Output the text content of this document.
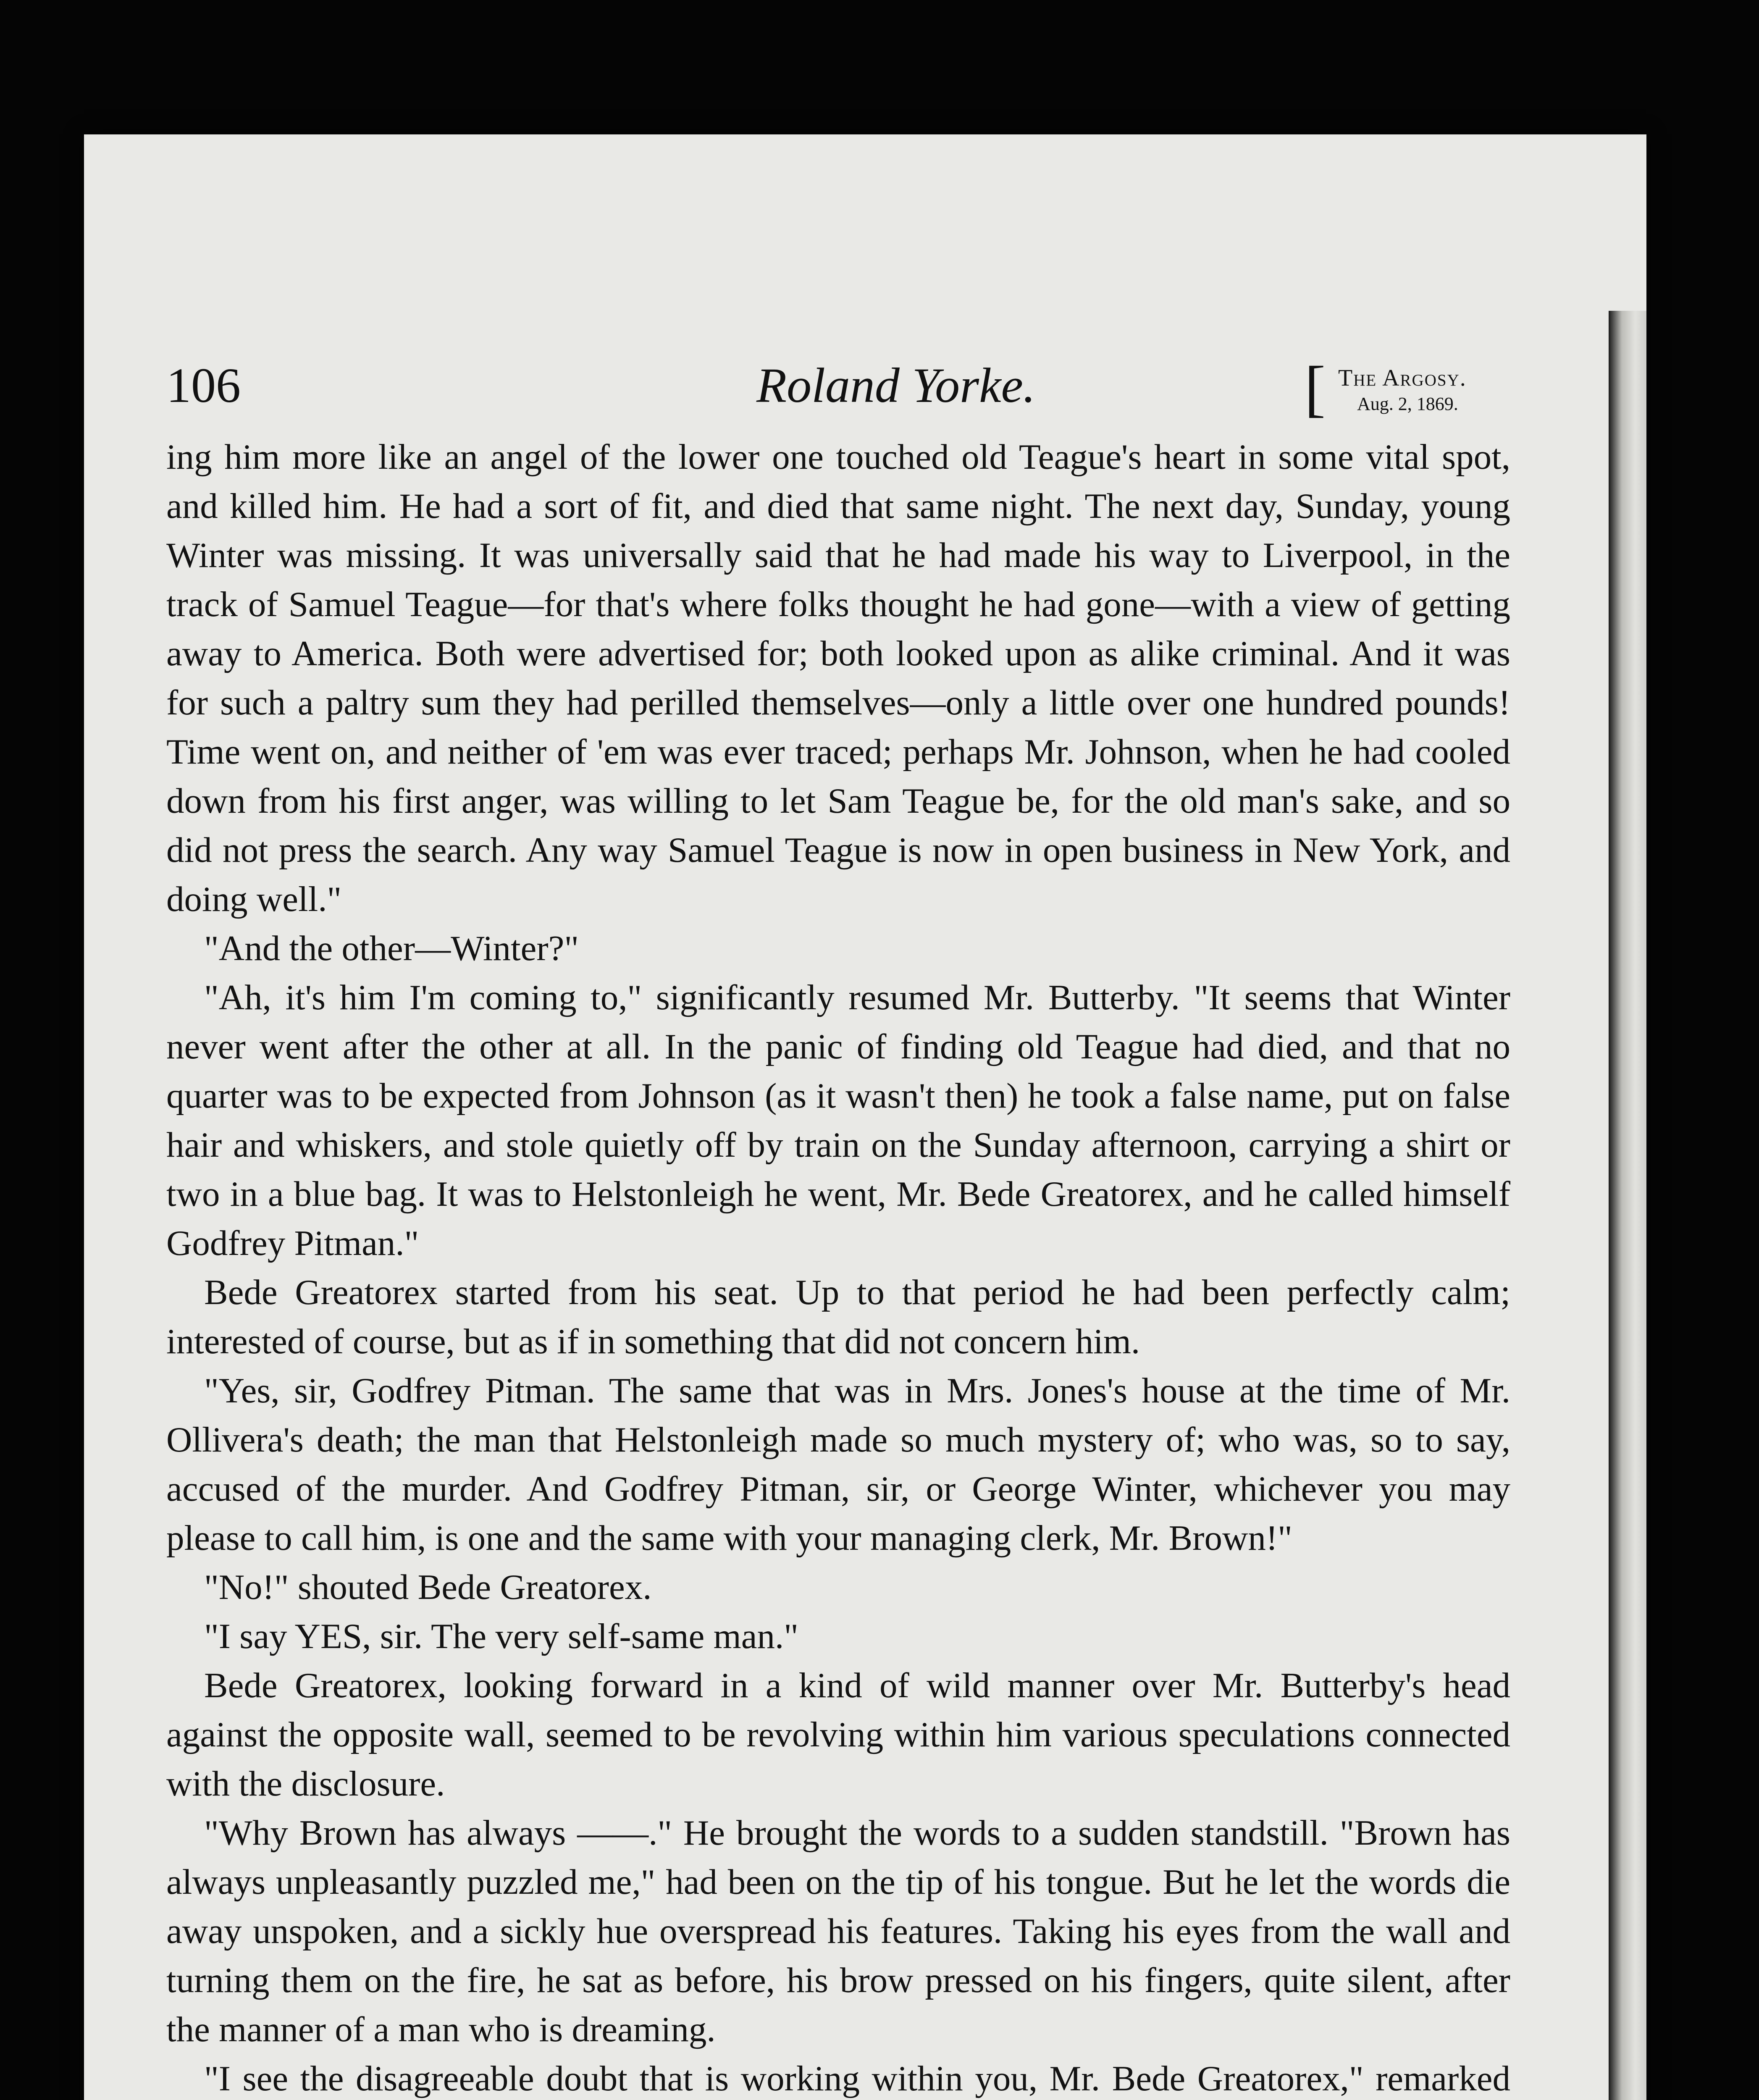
106	Roland Yorke.	[ The Argosy.
Aug. 2, 1869.

ing him more like an angel of the lower one touched old Teague's heart in some vital spot, and killed him. He had a sort of fit, and died that same night. The next day, Sunday, young Winter was missing. It was universally said that he had made his way to Liverpool, in the track of Samuel Teague—for that's where folks thought he had gone—with a view of getting away to America. Both were advertised for; both looked upon as alike criminal. And it was for such a paltry sum they had perilled themselves—only a little over one hundred pounds! Time went on, and neither of 'em was ever traced; perhaps Mr. Johnson, when he had cooled down from his first anger, was willing to let Sam Teague be, for the old man's sake, and so did not press the search. Any way Samuel Teague is now in open business in New York, and doing well."

"And the other—Winter?"

"Ah, it's him I'm coming to," significantly resumed Mr. Butterby. "It seems that Winter never went after the other at all. In the panic of finding old Teague had died, and that no quarter was to be expected from Johnson (as it wasn't then) he took a false name, put on false hair and whiskers, and stole quietly off by train on the Sunday afternoon, carrying a shirt or two in a blue bag. It was to Helstonleigh he went, Mr. Bede Greatorex, and he called himself Godfrey Pitman."

Bede Greatorex started from his seat. Up to that period he had been perfectly calm; interested of course, but as if in something that did not concern him.

"Yes, sir, Godfrey Pitman. The same that was in Mrs. Jones's house at the time of Mr. Ollivera's death; the man that Helstonleigh made so much mystery of; who was, so to say, accused of the murder. And Godfrey Pitman, sir, or George Winter, whichever you may please to call him, is one and the same with your managing clerk, Mr. Brown!"

"No!" shouted Bede Greatorex.

"I say YES, sir. The very self-same man."

Bede Greatorex, looking forward in a kind of wild manner over Mr. Butterby's head against the opposite wall, seemed to be revolving within him various speculations connected with the disclosure.

"Why Brown has always ——." He brought the words to a sudden standstill. "Brown has always unpleasantly puzzled me," had been on the tip of his tongue. But he let the words die away unspoken, and a sickly hue overspread his features. Taking his eyes from the wall and turning them on the fire, he sat as before, his brow pressed on his fingers, quite silent, after the manner of a man who is dreaming.

"I see the disagreeable doubt that is working within you, Mr. Bede Greatorex," remarked
